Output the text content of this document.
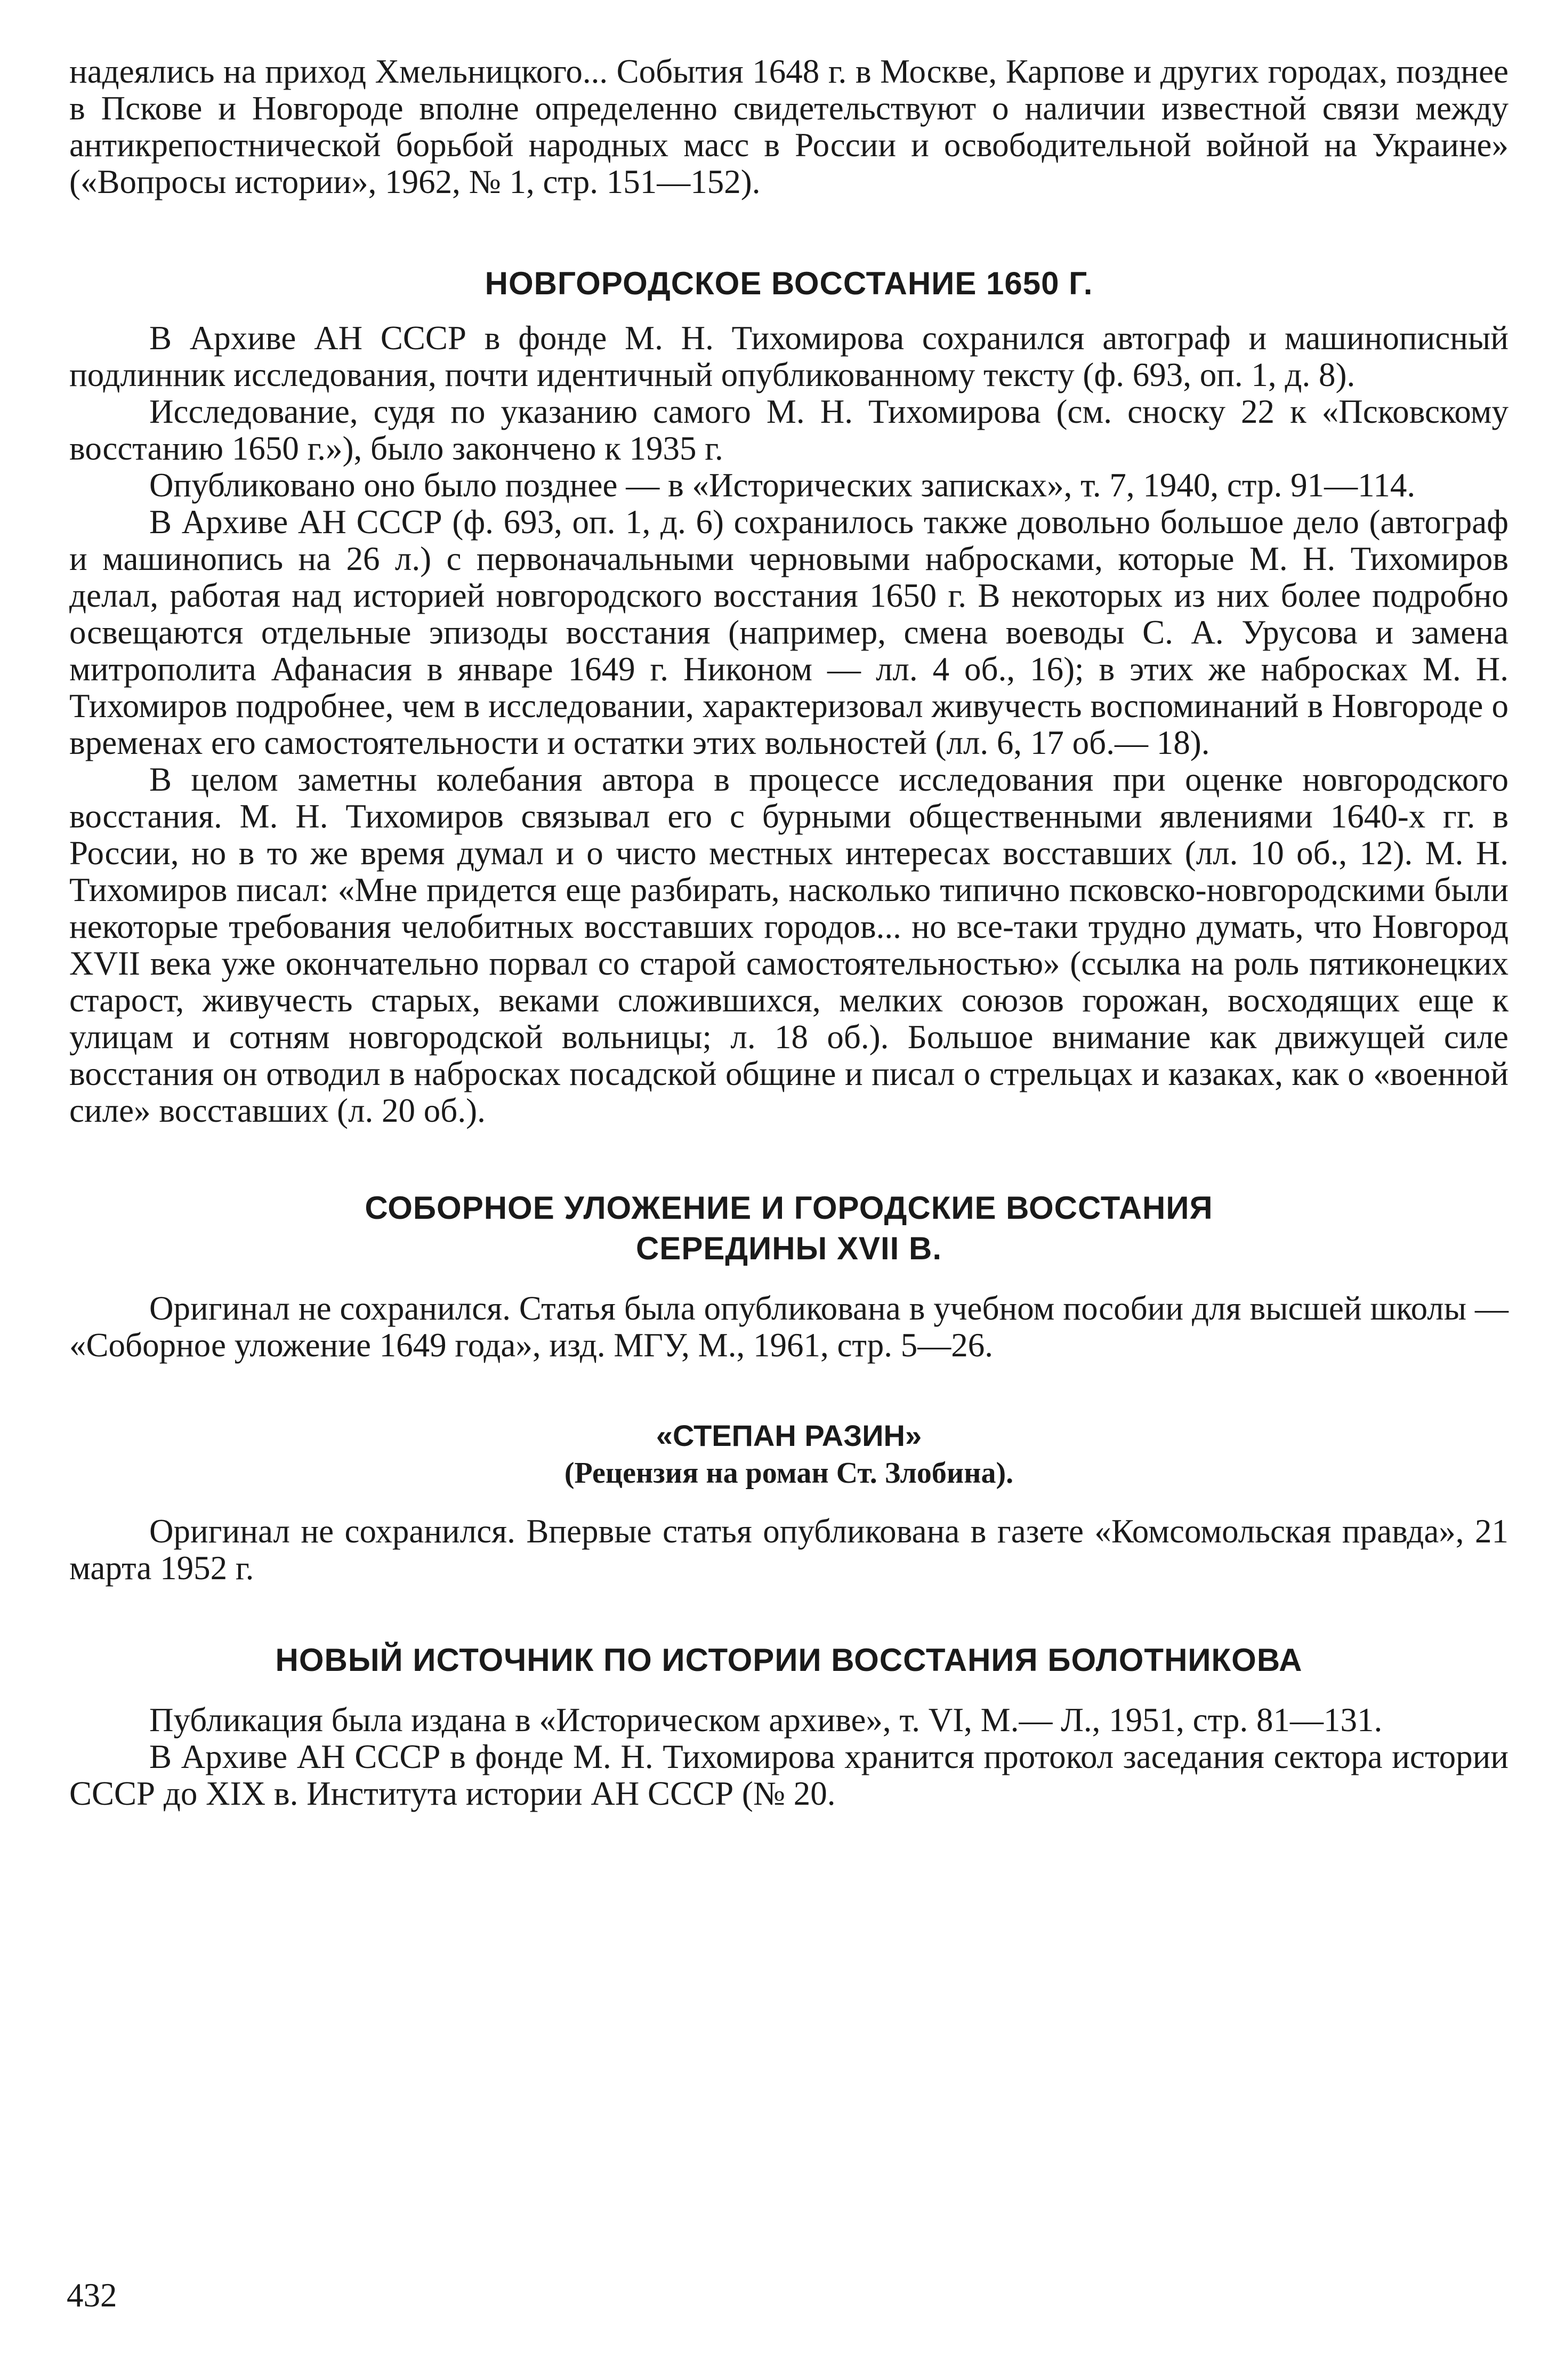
надеялись на приход Хмельницкого... События 1648 г. в Москве, Карпове и других городах, позднее в Пскове и Новгороде вполне определенно свидетельствуют о наличии известной связи между антикрепостнической борьбой народных масс в России и освободительной войной на Украине» («Вопросы истории», 1962, № 1, стр. 151—152).

НОВГОРОДСКОЕ ВОССТАНИЕ 1650 Г.

В Архиве АН СССР в фонде М. Н. Тихомирова сохранился автограф и машинописный подлинник исследования, почти идентичный опубликованному тексту (ф. 693, оп. 1, д. 8).

Исследование, судя по указанию самого М. Н. Тихомирова (см. сноску 22 к «Псковскому восстанию 1650 г.»), было закончено к 1935 г.

Опубликовано оно было позднее — в «Исторических записках», т. 7, 1940, стр. 91—114.

В Архиве АН СССР (ф. 693, оп. 1, д. 6) сохранилось также довольно большое дело (автограф и машинопись на 26 л.) с первоначальными черновыми набросками, которые М. Н. Тихомиров делал, работая над историей новгородского восстания 1650 г. В некоторых из них более подробно освещаются отдельные эпизоды восстания (например, смена воеводы С. А. Урусова и замена митрополита Афанасия в январе 1649 г. Никоном — лл. 4 об., 16); в этих же набросках М. Н. Тихомиров подробнее, чем в исследовании, характеризовал живучесть воспоминаний в Новгороде о временах его самостоятельности и остатки этих вольностей (лл. 6, 17 об.— 18).

В целом заметны колебания автора в процессе исследования при оценке новгородского восстания. М. Н. Тихомиров связывал его с бурными общественными явлениями 1640-х гг. в России, но в то же время думал и о чисто местных интересах восставших (лл. 10 об., 12). М. Н. Тихомиров писал: «Мне придется еще разбирать, насколько типично псковско-новгородскими были некоторые требования челобитных восставших городов... но все-таки трудно думать, что Новгород XVII века уже окончательно порвал со старой самостоятельностью» (ссылка на роль пятиконецких старост, живучесть старых, веками сложившихся, мелких союзов горожан, восходящих еще к улицам и сотням новгородской вольницы; л. 18 об.). Большое внимание как движущей силе восстания он отводил в набросках посадской общине и писал о стрельцах и казаках, как о «военной силе» восставших (л. 20 об.).

СОБОРНОЕ УЛОЖЕНИЕ И ГОРОДСКИЕ ВОССТАНИЯ
СЕРЕДИНЫ XVII В.

Оригинал не сохранился. Статья была опубликована в учебном пособии для высшей школы — «Соборное уложение 1649 года», изд. МГУ, М., 1961, стр. 5—26.

«СТЕПАН РАЗИН»
(Рецензия на роман Ст. Злобина).

Оригинал не сохранился. Впервые статья опубликована в газете «Комсомольская правда», 21 марта 1952 г.

НОВЫЙ ИСТОЧНИК ПО ИСТОРИИ ВОССТАНИЯ БОЛОТНИКОВА

Публикация была издана в «Историческом архиве», т. VI, М.— Л., 1951, стр. 81—131.

В Архиве АН СССР в фонде М. Н. Тихомирова хранится протокол заседания сектора истории СССР до XIX в. Института истории АН СССР (№ 20.

432
